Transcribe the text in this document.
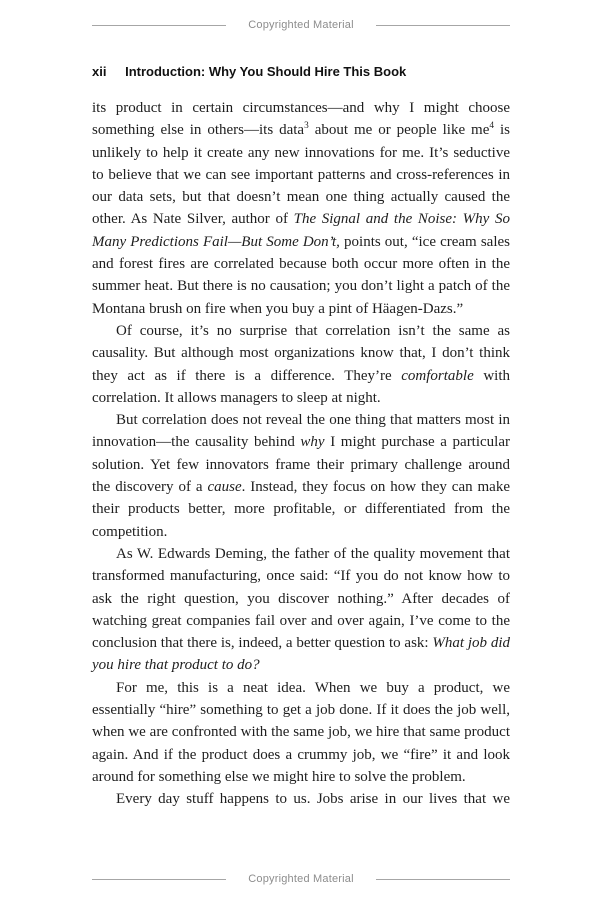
Copyrighted Material
xii Introduction: Why You Should Hire This Book

its product in certain circumstances—and why I might choose something else in others—its data$^3$ about me or people like $me^4$ is unlikely to help it create any new innovations for me. It’s seductive to believe that we can see important patterns and cross-references in our data sets, but that doesn’t mean one thing actually caused the other. As Nate Silver, author of The Signal and the Noise: Why So Many Predictions Fail—But Some Don’t, points out, “ice cream sales and forest fires are correlated because both occur more often in the summer heat. But there is no causation; you don’t light a patch of the Montana brush on fire when you buy a pint of Häagen-Dazs.”

Of course, it’s no surprise that correlation isn’t the same as causality. But although most organizations know that, I don’t think they act as if there is a difference. They’re comfortable with correlation. It allows managers to sleep at night.

But correlation does not reveal the one thing that matters most in innovation—the causality behind why I might purchase a particular solution. Yet few innovators frame their primary challenge around the discovery of a cause. Instead, they focus on how they can make their products better, more profitable, or differentiated from the competition.

As W. Edwards Deming, the father of the quality movement that transformed manufacturing, once said: “If you do not know how to ask the right question, you discover nothing.” After decades of watching great companies fail over and over again, I’ve come to the conclusion that there is, indeed, a better question to ask: What job did you hire that product to do?

For me, this is a neat idea. When we buy a product, we essentially “hire” something to get a job done. If it does the job well, when we are confronted with the same job, we hire that same product again. And if the product does a crummy job, we “fire” it and look around for something else we might hire to solve the problem.

Every day stuff happens to us. Jobs arise in our lives that we

Copyrighted Material
